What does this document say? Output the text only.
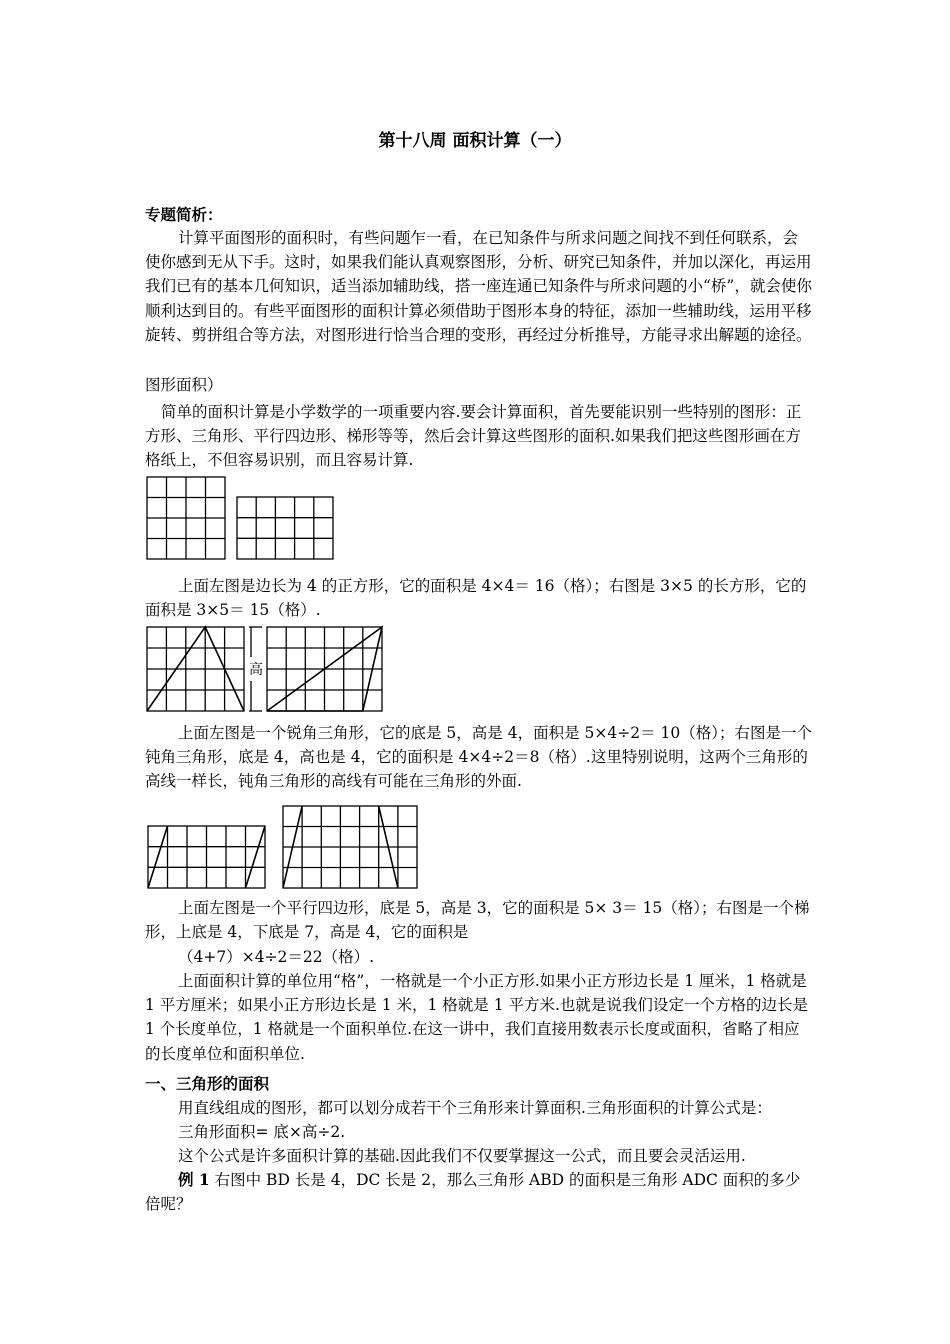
第十八周 面积计算（一）

专题简析：

计算平面图形的面积时，有些问题乍一看，在已知条件与所求问题之间找不到任何联系，会使你感到无从下手。这时，如果我们能认真观察图形，分析、研究已知条件，并加以深化，再运用我们已有的基本几何知识，适当添加辅助线，搭一座连通已知条件与所求问题的小“桥”，就会使你顺利达到目的。有些平面图形的面积计算必须借助于图形本身的特征，添加一些辅助线，运用平移旋转、剪拼组合等方法，对图形进行恰当合理的变形，再经过分析推导，方能寻求出解题的途径。

图形面积）

简单的面积计算是小学数学的一项重要内容.要会计算面积，首先要能识别一些特别的图形：正方形、三角形、平行四边形、梯形等等，然后会计算这些图形的面积.如果我们把这些图形画在方格纸上，不但容易识别，而且容易计算.

上面左图是边长为 4 的正方形，它的面积是 4×4＝ 16（格）；右图是 3×5 的长方形，它的面积是 3×5＝ 15（格）.

高

上面左图是一个锐角三角形，它的底是 5，高是 4，面积是 5×4÷2＝ 10（格）；右图是一个钝角三角形，底是 4，高也是 4，它的面积是 4×4÷2＝8（格）.这里特别说明，这两个三角形的高线一样长，钝角三角形的高线有可能在三角形的外面.

上面左图是一个平行四边形，底是 5，高是 3，它的面积是 5× 3＝ 15（格）；右图是一个梯形，上底是 4，下底是 7，高是 4，它的面积是

（4+7）×4÷2＝22（格）.

上面面积计算的单位用“格”，一格就是一个小正方形.如果小正方形边长是 1 厘米，1 格就是 1 平方厘米；如果小正方形边长是 1 米，1 格就是 1 平方米.也就是说我们设定一个方格的边长是 1 个长度单位，1 格就是一个面积单位.在这一讲中，我们直接用数表示长度或面积，省略了相应的长度单位和面积单位.

一、三角形的面积

用直线组成的图形，都可以划分成若干个三角形来计算面积.三角形面积的计算公式是：

三角形面积= 底×高÷2.

这个公式是许多面积计算的基础.因此我们不仅要掌握这一公式，而且要会灵活运用.

例 1 右图中 BD 长是 4，DC 长是 2，那么三角形 ABD 的面积是三角形 ADC 面积的多少倍呢？
